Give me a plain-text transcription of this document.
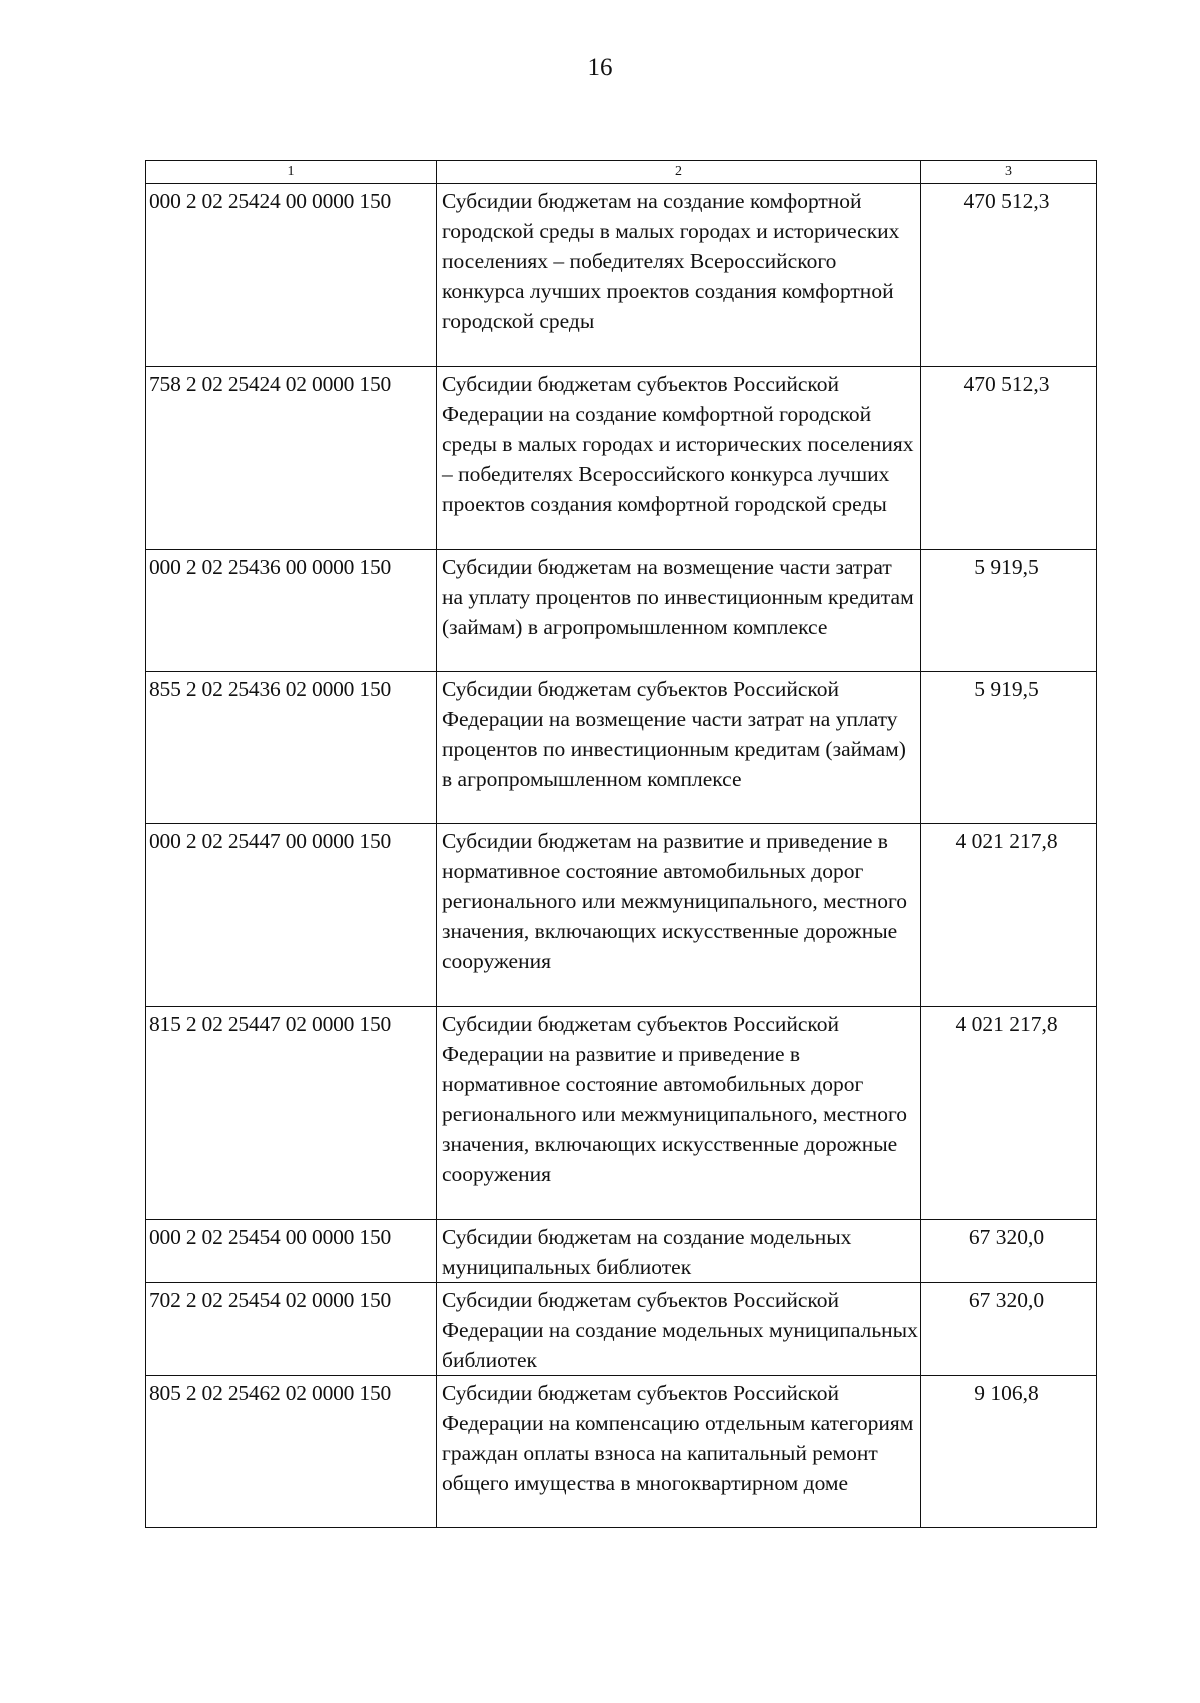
16
1	2	3
000 2 02 25424 00 0000 150	Субсидии бюджетам на создание комфортной городской среды в малых городах и исторических поселениях – победителях Всероссийского конкурса лучших проектов создания комфортной городской среды	470 512,3
758 2 02 25424 02 0000 150	Субсидии бюджетам субъектов Российской Федерации на создание комфортной городской среды в малых городах и исторических поселениях – победителях Всероссийского конкурса лучших проектов создания комфортной городской среды	470 512,3
000 2 02 25436 00 0000 150	Субсидии бюджетам на возмещение части затрат на уплату процентов по инвестиционным кредитам (займам) в агропромышленном комплексе	5 919,5
855 2 02 25436 02 0000 150	Субсидии бюджетам субъектов Российской Федерации на возмещение части затрат на уплату процентов по инвестиционным кредитам (займам) в агропромышленном комплексе	5 919,5
000 2 02 25447 00 0000 150	Субсидии бюджетам на развитие и приведение в нормативное состояние автомобильных дорог регионального или межмуниципального, местного значения, включающих искусственные дорожные сооружения	4 021 217,8
815 2 02 25447 02 0000 150	Субсидии бюджетам субъектов Российской Федерации на развитие и приведение в нормативное состояние автомобильных дорог регионального или межмуниципального, местного значения, включающих искусственные дорожные сооружения	4 021 217,8
000 2 02 25454 00 0000 150	Субсидии бюджетам на создание модельных муниципальных библиотек	67 320,0
702 2 02 25454 02 0000 150	Субсидии бюджетам субъектов Российской Федерации на создание модельных муниципальных библиотек	67 320,0
805 2 02 25462 02 0000 150	Субсидии бюджетам субъектов Российской Федерации на компенсацию отдельным категориям граждан оплаты взноса на капитальный ремонт общего имущества в многоквартирном доме	9 106,8
